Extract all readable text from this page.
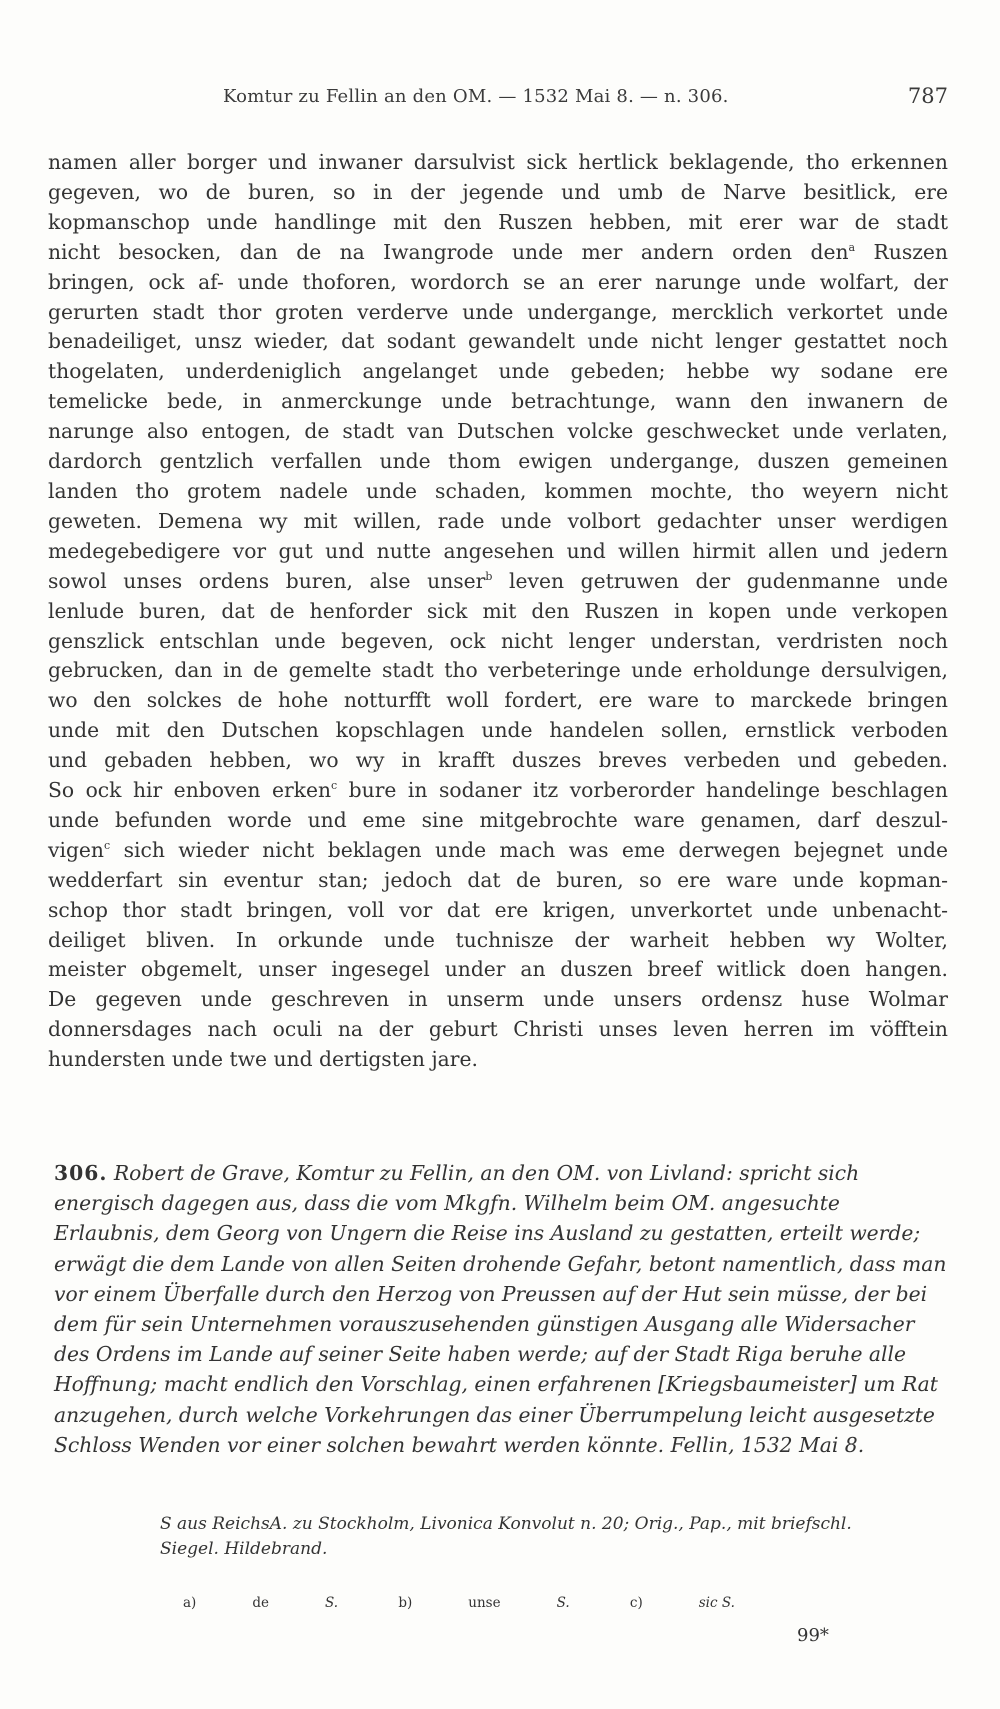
Komtur zu Fellin an den OM. — 1532 Mai 8. — n. 306.	787
namen aller borger und inwaner darsulvist sick hertlick beklagende, tho erkennen
gegeven, wo de buren, so in der jegende und umb de Narve besitlick, ere
kopmanschop unde handlinge mit den Ruszen hebben, mit erer war de stadt
nicht besocken, dan de na Iwangrode unde mer andern orden den$^a$ Ruszen
bringen, ock af- unde thoforen, wordorch se an erer narunge unde wolfart, der
gerurten stadt thor groten verderve unde undergange, mercklich verkortet unde
benadeiliget, unsz wieder, dat sodant gewandelt unde nicht lenger gestattet noch
thogelaten, underdeniglich angelanget unde gebeden; hebbe wy sodane ere
temelicke bede, in anmerckunge unde betrachtunge, wann den inwanern de
narunge also entogen, de stadt van Dutschen volcke geschwecket unde verlaten,
dardorch gentzlich verfallen unde thom ewigen undergange, duszen gemeinen
landen tho grotem nadele unde schaden, kommen mochte, tho weyern nicht
geweten. Demena wy mit willen, rade unde volbort gedachter unser werdigen
medegebedigere vor gut und nutte angesehen und willen hirmit allen und jedern
sowol unses ordens buren, alse unser$^b$ leven getruwen der gudenmanne unde
lenlude buren, dat de henforder sick mit den Ruszen in kopen unde verkopen
genszlick entschlan unde begeven, ock nicht lenger understan, verdristen noch
gebrucken, dan in de gemelte stadt tho verbeteringe unde erholdunge dersulvigen,
wo den solckes de hohe notturfft woll fordert, ere ware to marckede bringen
unde mit den Dutschen kopschlagen unde handelen sollen, ernstlick verboden
und gebaden hebben, wo wy in krafft duszes breves verbeden und gebeden.
So ock hir enboven erken$^c$ bure in sodaner itz vorberorder handelinge beschlagen
unde befunden worde und eme sine mitgebrochte ware genamen, darf deszul-
vigen$^c$ sich wieder nicht beklagen unde mach was eme derwegen bejegnet unde
wedderfart sin eventur stan; jedoch dat de buren, so ere ware unde kopman-
schop thor stadt bringen, voll vor dat ere krigen, unverkortet unde unbenacht-
deiliget bliven. In orkunde unde tuchnisze der warheit hebben wy Wolter,
meister obgemelt, unser ingesegel under an duszen breef witlick doen hangen.
De gegeven unde geschreven in unserm unde unsers ordensz huse Wolmar
donnersdages nach oculi na der geburt Christi unses leven herren im vöfftein
hundersten unde twe und dertigsten jare.
306. Robert de Grave, Komtur zu Fellin, an den OM. von Livland: spricht sich energisch dagegen aus, dass die vom Mkgfn. Wilhelm beim OM. angesuchte Erlaubnis, dem Georg von Ungern die Reise ins Ausland zu gestatten, erteilt werde; erwägt die dem Lande von allen Seiten drohende Gefahr, betont namentlich, dass man vor einem Überfalle durch den Herzog von Preussen auf der Hut sein müsse, der bei dem für sein Unternehmen vorauszusehenden günstigen Ausgang alle Widersacher des Ordens im Lande auf seiner Seite haben werde; auf der Stadt Riga beruhe alle Hoffnung; macht endlich den Vorschlag, einen erfahrenen [Kriegsbaumeister] um Rat anzugehen, durch welche Vorkehrungen das einer Überrumpelung leicht ausgesetzte Schloss Wenden vor einer solchen bewahrt werden könnte. Fellin, 1532 Mai 8.
S aus ReichsA. zu Stockholm, Livonica Konvolut n. 20; Orig., Pap., mit briefschl.
Siegel. Hildebrand.
a)	de	S.	b)	unse	S.	c)	sic S.
99*
